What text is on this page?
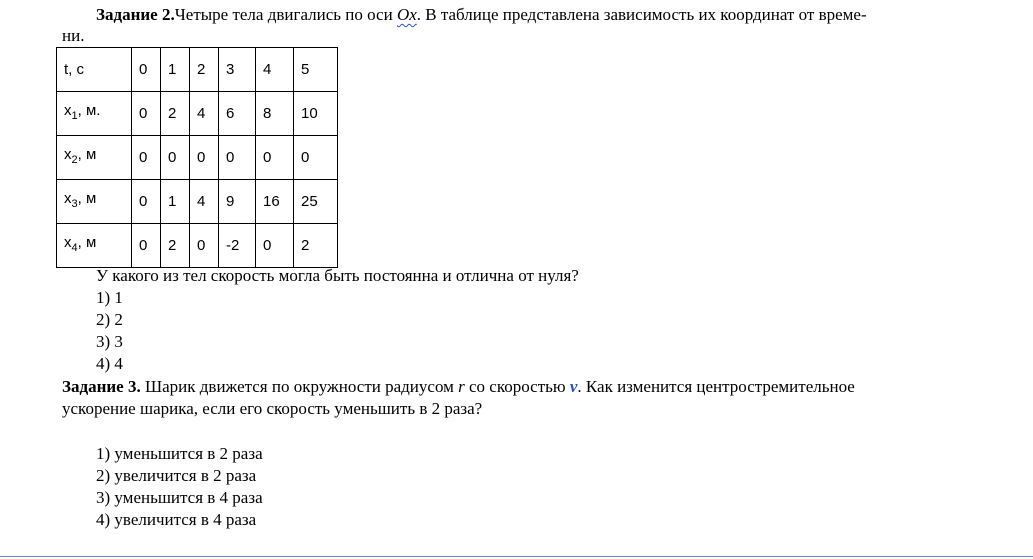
Задание 2.Четыре тела двигались по оси Ox. В таблице представлена зависимость их координат от време-
ни.
t, с	0	1	2	3	4	5
$x_1$, м.	0	2	4	6	8	10
$x_2$, м	0	0	0	0	0	0
$x_3$, м	0	1	4	9	16	25
$x_4$, м	0	2	0	-2	0	2
У какого из тел скорость могла быть постоянна и отлична от нуля?
1) 1
2) 2
3) 3
4) 4
Задание 3. Шарик движется по окружности радиусом r со скоростью v. Как изменится центростремительное
ускорение шарика, если его скорость уменьшить в 2 раза?
1) уменьшится в 2 раза
2) увеличится в 2 раза
3) уменьшится в 4 раза
4) увеличится в 4 раза
